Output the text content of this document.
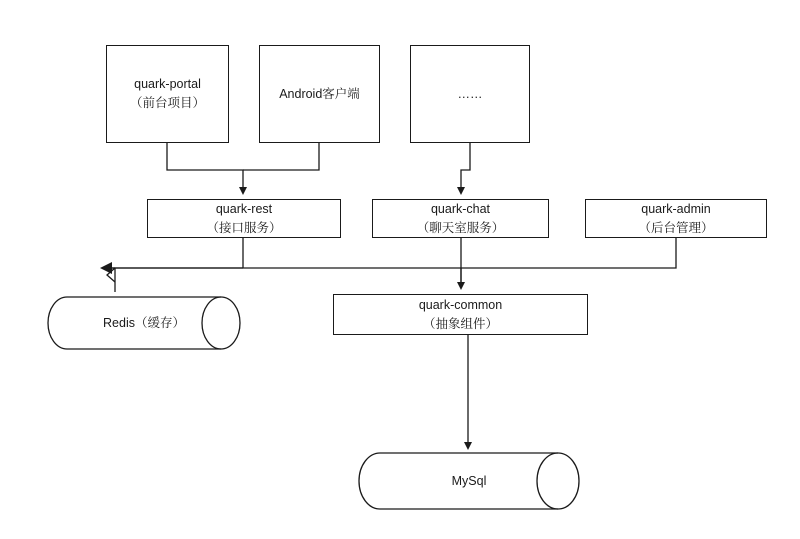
quark-portal
（前台项目）
Android客户端	……
quark-rest
（接口服务）
quark-chat
（聊天室服务）
quark-admin
（后台管理）
Redis（缓存）
quark-common
（抽象组件）
MySql
